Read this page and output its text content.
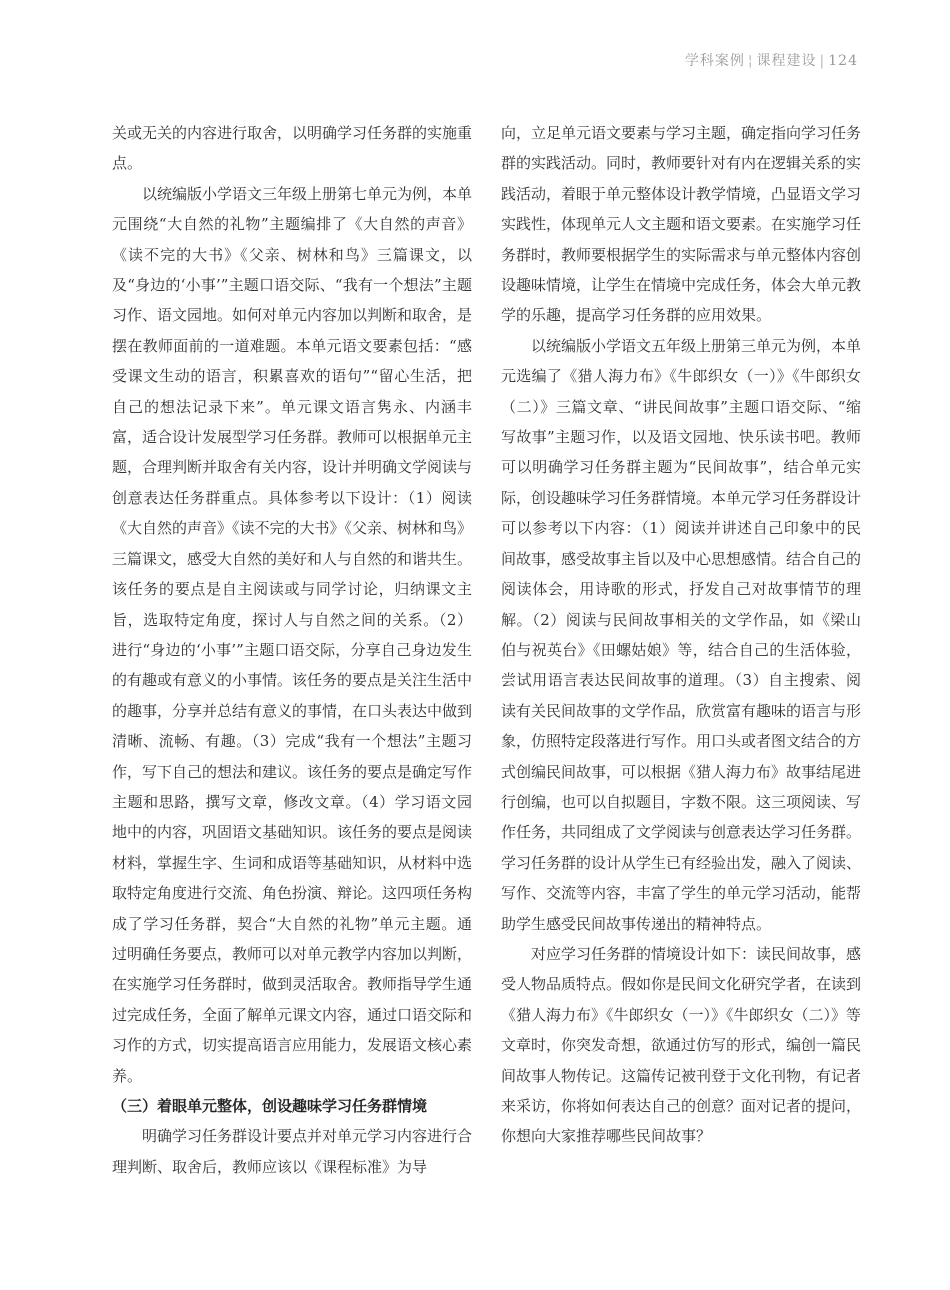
学科案例 ¦ 课程建设 | 124

关或无关的内容进行取舍，以明确学习任务群的实施重点。

以统编版小学语文三年级上册第七单元为例，本单元围绕“大自然的礼物”主题编排了《大自然的声音》《读不完的大书》《父亲、树林和鸟》三篇课文，以及“身边的‘小事’”主题口语交际、“我有一个想法”主题习作、语文园地。如何对单元内容加以判断和取舍，是摆在教师面前的一道难题。本单元语文要素包括：“感受课文生动的语言，积累喜欢的语句”“留心生活，把自己的想法记录下来”。单元课文语言隽永、内涵丰富，适合设计发展型学习任务群。教师可以根据单元主题，合理判断并取舍有关内容，设计并明确文学阅读与创意表达任务群重点。具体参考以下设计：（1）阅读《大自然的声音》《读不完的大书》《父亲、树林和鸟》三篇课文，感受大自然的美好和人与自然的和谐共生。该任务的要点是自主阅读或与同学讨论，归纳课文主旨，选取特定角度，探讨人与自然之间的关系。（2）进行“身边的‘小事’”主题口语交际，分享自己身边发生的有趣或有意义的小事情。该任务的要点是关注生活中的趣事，分享并总结有意义的事情，在口头表达中做到清晰、流畅、有趣。（3）完成“我有一个想法”主题习作，写下自己的想法和建议。该任务的要点是确定写作主题和思路，撰写文章，修改文章。（4）学习语文园地中的内容，巩固语文基础知识。该任务的要点是阅读材料，掌握生字、生词和成语等基础知识，从材料中选取特定角度进行交流、角色扮演、辩论。这四项任务构成了学习任务群，契合“大自然的礼物”单元主题。通过明确任务要点，教师可以对单元教学内容加以判断，在实施学习任务群时，做到灵活取舍。教师指导学生通过完成任务，全面了解单元课文内容，通过口语交际和习作的方式，切实提高语言应用能力，发展语文核心素养。

（三）着眼单元整体，创设趣味学习任务群情境

明确学习任务群设计要点并对单元学习内容进行合理判断、取舍后，教师应该以《课程标准》为导

向，立足单元语文要素与学习主题，确定指向学习任务群的实践活动。同时，教师要针对有内在逻辑关系的实践活动，着眼于单元整体设计教学情境，凸显语文学习实践性，体现单元人文主题和语文要素。在实施学习任务群时，教师要根据学生的实际需求与单元整体内容创设趣味情境，让学生在情境中完成任务，体会大单元教学的乐趣，提高学习任务群的应用效果。

以统编版小学语文五年级上册第三单元为例，本单元选编了《猎人海力布》《牛郎织女（一）》《牛郎织女（二）》三篇文章、“讲民间故事”主题口语交际、“缩写故事”主题习作，以及语文园地、快乐读书吧。教师可以明确学习任务群主题为“民间故事”，结合单元实际，创设趣味学习任务群情境。本单元学习任务群设计可以参考以下内容：（1）阅读并讲述自己印象中的民间故事，感受故事主旨以及中心思想感情。结合自己的阅读体会，用诗歌的形式，抒发自己对故事情节的理解。（2）阅读与民间故事相关的文学作品，如《梁山伯与祝英台》《田螺姑娘》等，结合自己的生活体验，尝试用语言表达民间故事的道理。（3）自主搜索、阅读有关民间故事的文学作品，欣赏富有趣味的语言与形象，仿照特定段落进行写作。用口头或者图文结合的方式创编民间故事，可以根据《猎人海力布》故事结尾进行创编，也可以自拟题目，字数不限。这三项阅读、写作任务，共同组成了文学阅读与创意表达学习任务群。学习任务群的设计从学生已有经验出发，融入了阅读、写作、交流等内容，丰富了学生的单元学习活动，能帮助学生感受民间故事传递出的精神特点。

对应学习任务群的情境设计如下：读民间故事，感受人物品质特点。假如你是民间文化研究学者，在读到《猎人海力布》《牛郎织女（一）》《牛郎织女（二）》等文章时，你突发奇想，欲通过仿写的形式，编创一篇民间故事人物传记。这篇传记被刊登于文化刊物，有记者来采访，你将如何表达自己的创意？面对记者的提问，你想向大家推荐哪些民间故事？
